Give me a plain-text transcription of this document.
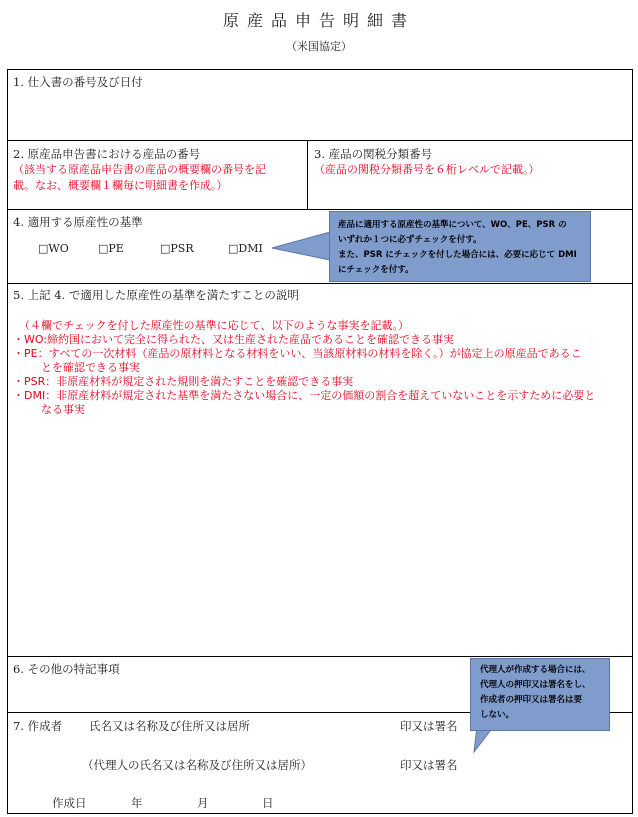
原産品申告明細書
（米国協定）
1. 仕入書の番号及び日付
2. 原産品申告書における産品の番号
（該当する原産品申告書の産品の概要欄の番号を記
載。なお、概要欄１欄毎に明細書を作成。）
3. 産品の関税分類番号
（産品の関税分類番号を６桁レベルで記載。）
4. 適用する原産性の基準
□WO	□PE	□PSR	□DMI
5. 上記 4. で適用した原産性の基準を満たすことの説明
（４欄でチェックを付した原産性の基準に応じて、以下のような事実を記載。）
・WO:締約国において完全に得られた、又は生産された産品であることを確認できる事実
・PE：すべての一次材料（産品の原材料となる材料をいい、当該原材料の材料を除く。）が協定上の原産品であるこ
とを確認できる事実
・PSR：非原産材料が規定された規則を満たすことを確認できる事実
・DMI：非原産材料が規定された基準を満たさない場合に、一定の価額の割合を超えていないことを示すために必要と
なる事実
6. その他の特記事項
7. 作成者 氏名又は名称及び住所又は居所	印又は署名
（代理人の氏名又は名称及び住所又は居所）	印又は署名
作成日	年	月	日
産品に適用する原産性の基準について、WO、PE、PSR の
いずれか１つに必ずチェックを付す。
また、PSR にチェックを付した場合には、必要に応じて DMI
にチェックを付す。
代理人が作成する場合には、
代理人の押印又は署名をし、
作成者の押印又は署名は要
しない。
